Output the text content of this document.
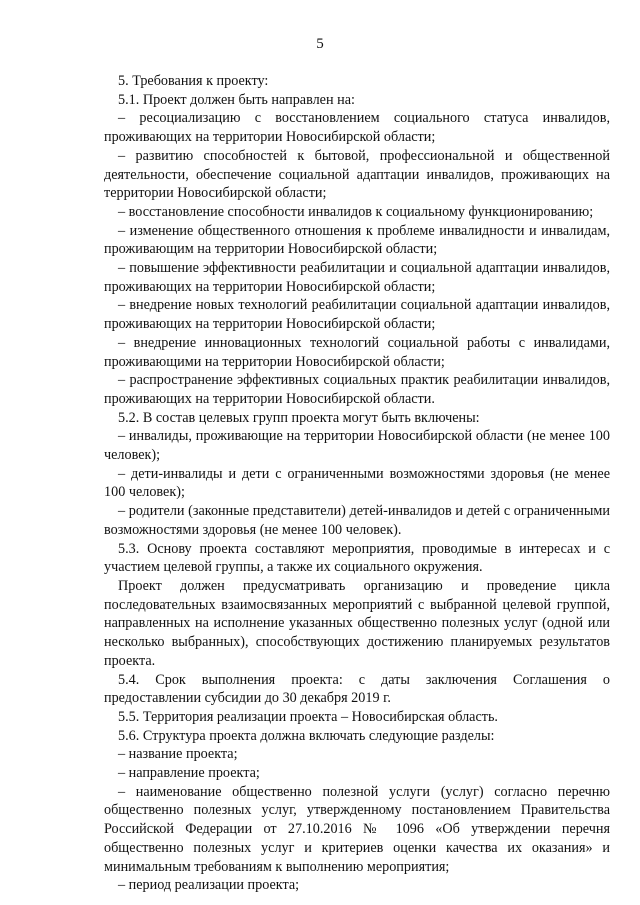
5

5. Требования к проекту:

5.1. Проект должен быть направлен на:

– ресоциализацию с восстановлением социального статуса инвалидов, проживающих на территории Новосибирской области;

– развитию способностей к бытовой, профессиональной и общественной деятельности, обеспечение социальной адаптации инвалидов, проживающих на территории Новосибирской области;

– восстановление способности инвалидов к социальному функционированию;

– изменение общественного отношения к проблеме инвалидности и инвалидам, проживающим на территории Новосибирской области;

– повышение эффективности реабилитации и социальной адаптации инвалидов, проживающих на территории Новосибирской области;

– внедрение новых технологий реабилитации социальной адаптации инвалидов, проживающих на территории Новосибирской области;

– внедрение инновационных технологий социальной работы с инвалидами, проживающими на территории Новосибирской области;

– распространение эффективных социальных практик реабилитации инвалидов, проживающих на территории Новосибирской области.

5.2. В состав целевых групп проекта могут быть включены:

– инвалиды, проживающие на территории Новосибирской области (не менее 100 человек);

– дети-инвалиды и дети с ограниченными возможностями здоровья (не менее 100 человек);

– родители (законные представители) детей-инвалидов и детей с ограниченными возможностями здоровья (не менее 100 человек).

5.3. Основу проекта составляют мероприятия, проводимые в интересах и с участием целевой группы, а также их социального окружения.

Проект должен предусматривать организацию и проведение цикла последовательных взаимосвязанных мероприятий с выбранной целевой группой, направленных на исполнение указанных общественно полезных услуг (одной или несколько выбранных), способствующих достижению планируемых результатов проекта.

5.4. Срок выполнения проекта: с даты заключения Соглашения о предоставлении субсидии до 30 декабря 2019 г.

5.5. Территория реализации проекта – Новосибирская область.

5.6. Структура проекта должна включать следующие разделы:

– название проекта;

– направление проекта;

– наименование общественно полезной услуги (услуг) согласно перечню общественно полезных услуг, утвержденному постановлением Правительства Российской Федерации от 27.10.2016 № 1096 «Об утверждении перечня общественно полезных услуг и критериев оценки качества их оказания» и минимальным требованиям к выполнению мероприятия;

– период реализации проекта;
